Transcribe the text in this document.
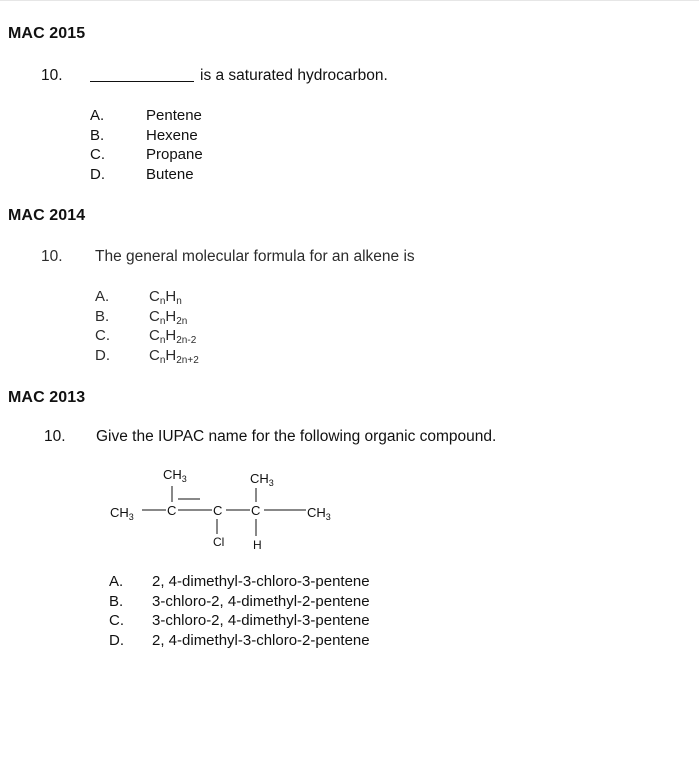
MAC 2015
10.	is a saturated hydrocarbon.
A.	Pentene
B.	Hexene
C.	Propane
D.	Butene
MAC 2014
10. The general molecular formula for an alkene is
A.	$C_nH_n$
B.	$C_nH_{2n}$
C.	$C_nH_{2n-2}$
D.	$C_nH_{2n+2}$
MAC 2013
10. Give the IUPAC name for the following organic compound.
$CH_3$	$CH_3$
$CH_3$	C	C
Cl
C
H
$CH_3$
A. 2, 4-dimethyl-3-chloro-3-pentene
B. 3-chloro-2, 4-dimethyl-2-pentene
C. 3-chloro-2, 4-dimethyl-3-pentene
D. 2, 4-dimethyl-3-chloro-2-pentene
